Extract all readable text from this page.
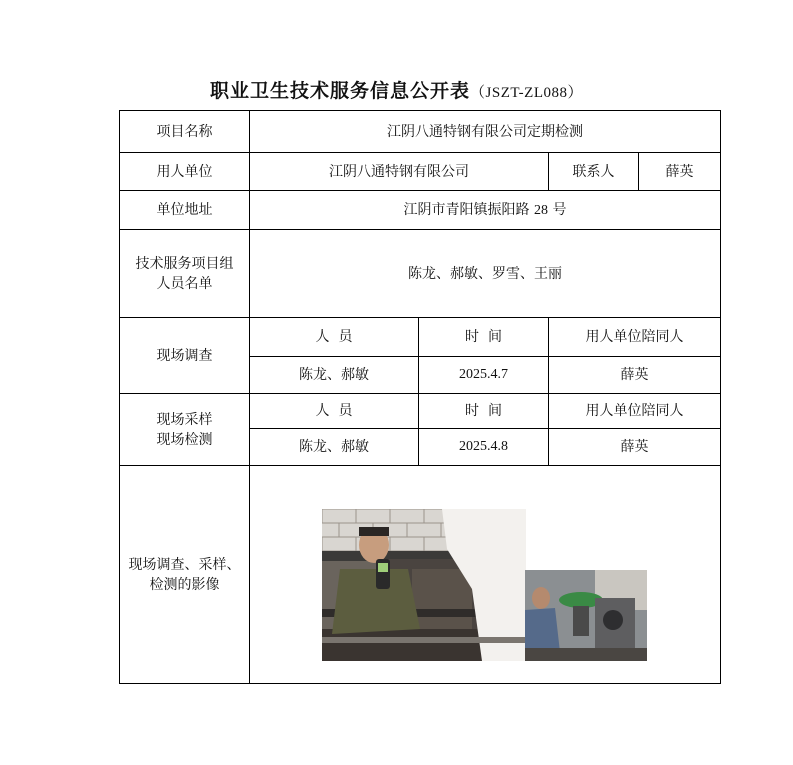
职业卫生技术服务信息公开表（JSZT-ZL088）
项目名称	江阴八通特钢有限公司定期检测			
用人单位	江阴八通特钢有限公司		联系人	薛英
单位地址	江阴市青阳镇振阳路 28 号			

技术服务项目组
人员名单	陈龙、郝敏、罗雪、王丽			
现场调查	人  员	时  间	用人单位陪同人	
	陈龙、郝敏	2025.4.7	薛英	

现场采样
现场检测	人  员	时  间	用人单位陪同人	
	陈龙、郝敏	2025.4.8	薛英	

现场调查、采样、
检测的影像
